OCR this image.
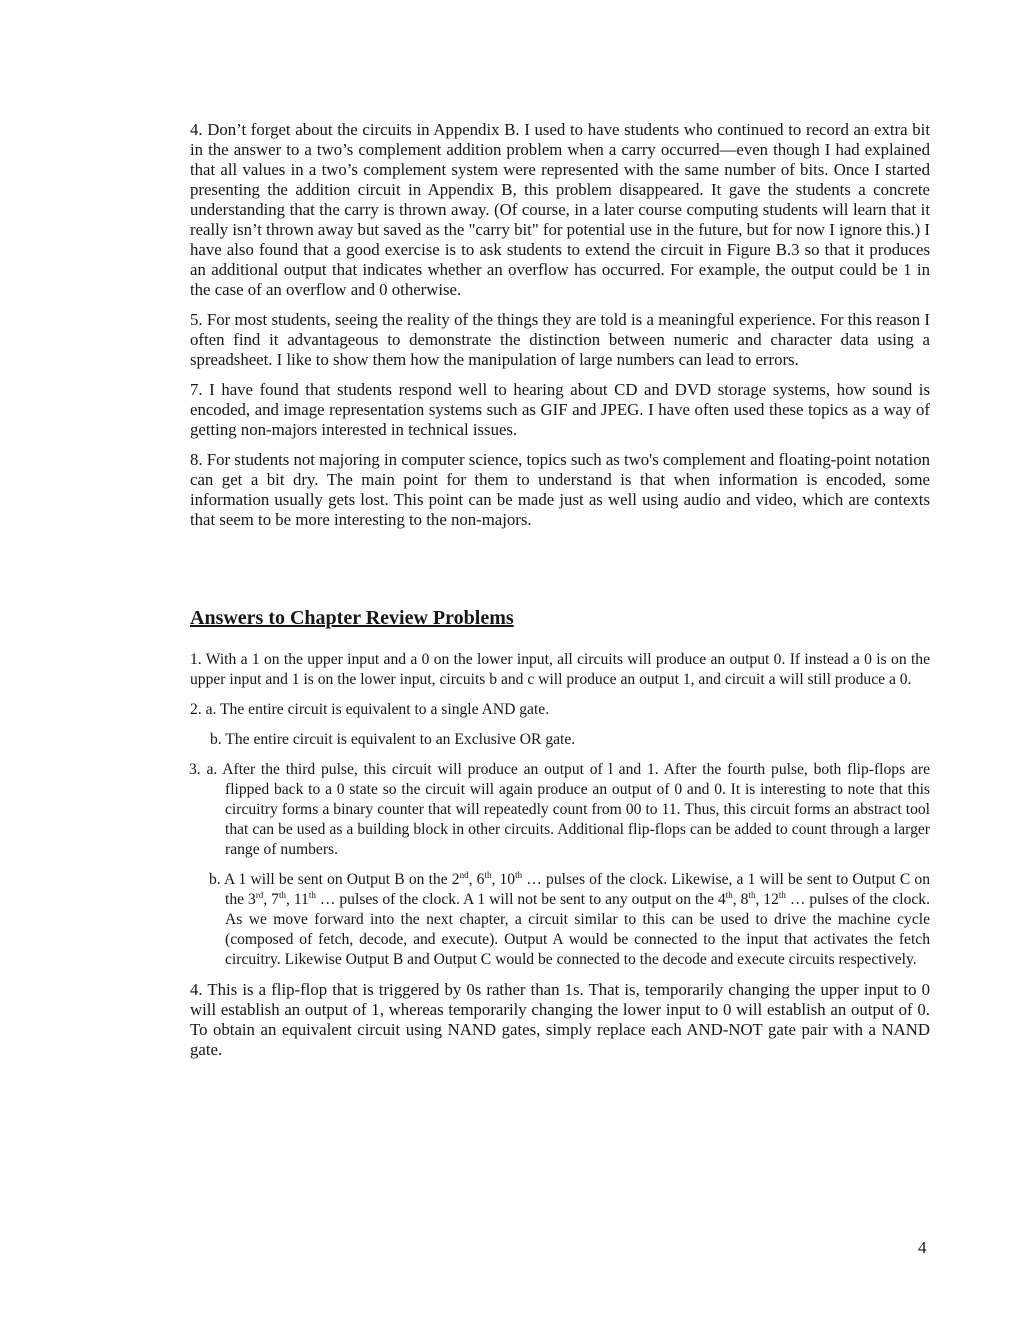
4. Don’t forget about the circuits in Appendix B. I used to have students who continued to record an extra bit in the answer to a two’s complement addition problem when a carry occurred—even though I had explained that all values in a two’s complement system were represented with the same number of bits. Once I started presenting the addition circuit in Appendix B, this problem disappeared. It gave the students a concrete understanding that the carry is thrown away. (Of course, in a later course computing students will learn that it really isn’t thrown away but saved as the "carry bit" for potential use in the future, but for now I ignore this.) I have also found that a good exercise is to ask students to extend the circuit in Figure B.3 so that it produces an additional output that indicates whether an overflow has occurred. For example, the output could be 1 in the case of an overflow and 0 otherwise.

5. For most students, seeing the reality of the things they are told is a meaningful experience. For this reason I often find it advantageous to demonstrate the distinction between numeric and character data using a spreadsheet. I like to show them how the manipulation of large numbers can lead to errors.

7. I have found that students respond well to hearing about CD and DVD storage systems, how sound is encoded, and image representation systems such as GIF and JPEG. I have often used these topics as a way of getting non-majors interested in technical issues.

8. For students not majoring in computer science, topics such as two's complement and floating-point notation can get a bit dry. The main point for them to understand is that when information is encoded, some information usually gets lost. This point can be made just as well using audio and video, which are contexts that seem to be more interesting to the non-majors.

Answers to Chapter Review Problems

1. With a 1 on the upper input and a 0 on the lower input, all circuits will produce an output 0. If instead a 0 is on the upper input and 1 is on the lower input, circuits b and c will produce an output 1, and circuit a will still produce a 0.

2. a. The entire circuit is equivalent to a single AND gate.

b. The entire circuit is equivalent to an Exclusive OR gate.

3. a. After the third pulse, this circuit will produce an output of l and 1. After the fourth pulse, both flip-flops are flipped back to a 0 state so the circuit will again produce an output of 0 and 0. It is interesting to note that this circuitry forms a binary counter that will repeatedly count from 00 to 11. Thus, this circuit forms an abstract tool that can be used as a building block in other circuits. Additional flip-flops can be added to count through a larger range of numbers.

b. A 1 will be sent on Output B on the 2nd, 6th, 10th … pulses of the clock. Likewise, a 1 will be sent to Output C on the 3rd, 7th, 11th … pulses of the clock. A 1 will not be sent to any output on the 4th, 8th, 12th … pulses of the clock. As we move forward into the next chapter, a circuit similar to this can be used to drive the machine cycle (composed of fetch, decode, and execute). Output A would be connected to the input that activates the fetch circuitry. Likewise Output B and Output C would be connected to the decode and execute circuits respectively.

4. This is a flip-flop that is triggered by 0s rather than 1s. That is, temporarily changing the upper input to 0 will establish an output of 1, whereas temporarily changing the lower input to 0 will establish an output of 0. To obtain an equivalent circuit using NAND gates, simply replace each AND-NOT gate pair with a NAND gate.

4
